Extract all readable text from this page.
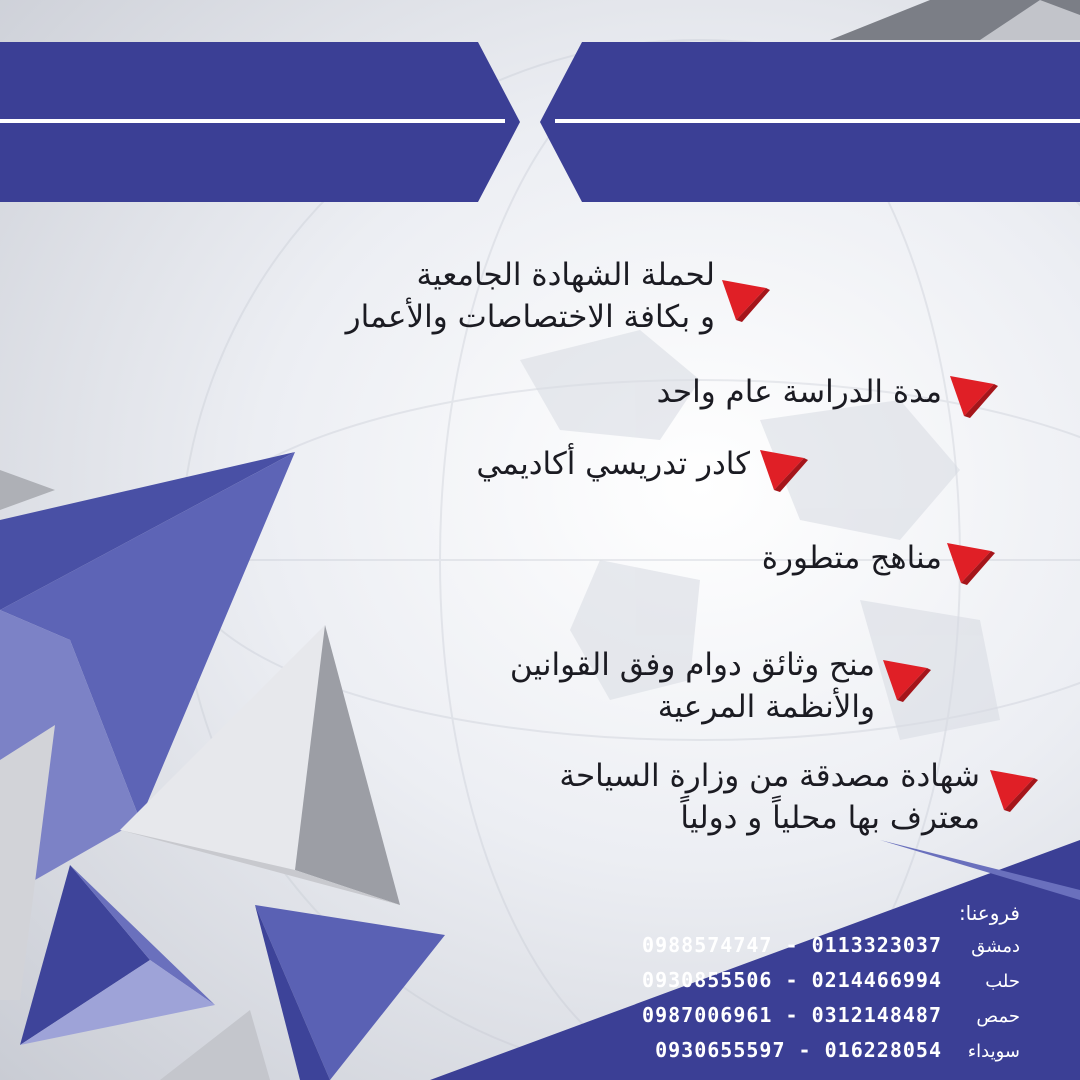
لحملة الشهادة الجامعية
و بكافة الاختصاصات والأعمار
مدة الدراسة عام واحد
كادر تدريسي أكاديمي
مناهج متطورة
منح وثائق دوام وفق القوانين
والأنظمة المرعية
شهادة مصدقة من وزارة السياحة
معترف بها محلياً و دولياً
فروعنا:
دمشق
0988574747 - 0113323037
حلب
0930855506 - 0214466994
حمص
0987006961 - 0312148487
سويداء
0930655597 - 016228054
